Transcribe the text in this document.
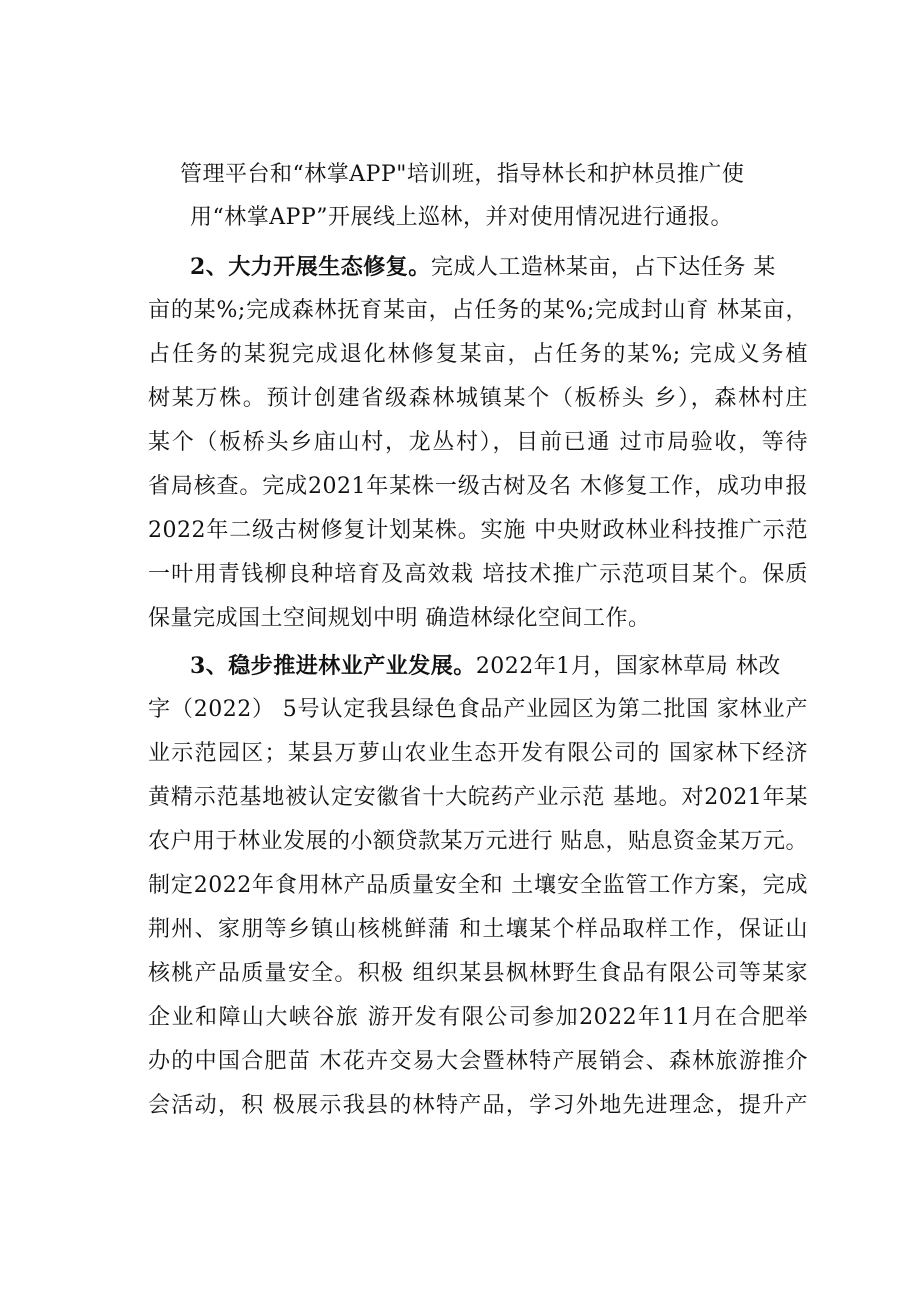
管理平台和“林掌APP"培训班，指导林长和护林员推广使
用“林掌APP”开展线上巡林，并对使用情况进行通报。
2、大力开展生态修复。完成人工造林某亩，占下达任务 某
亩的某%;完成森林抚育某亩，占任务的某%;完成封山育 林某亩，
占任务的某猊完成退化林修复某亩，占任务的某%; 完成义务植
树某万株。预计创建省级森林城镇某个（板桥头 乡），森林村庄
某个（板桥头乡庙山村，龙丛村），目前已通 过市局验收，等待
省局核查。完成2021年某株一级古树及名 木修复工作，成功申报
2022年二级古树修复计划某株。实施 中央财政林业科技推广示范
一叶用青钱柳良种培育及高效栽 培技术推广示范项目某个。保质
保量完成国土空间规划中明 确造林绿化空间工作。
3、稳步推进林业产业发展。2022年1月，国家林草局 林改
字（2022） 5号认定我县绿色食品产业园区为第二批国 家林业产
业示范园区；某县万萝山农业生态开发有限公司的 国家林下经济
黄精示范基地被认定安徽省十大皖药产业示范 基地。对2021年某
农户用于林业发展的小额贷款某万元进行 贴息，贴息资金某万元。
制定2022年食用林产品质量安全和 土壤安全监管工作方案，完成
荆州、家朋等乡镇山核桃鲜蒲 和土壤某个样品取样工作，保证山
核桃产品质量安全。积极 组织某县枫林野生食品有限公司等某家
企业和障山大峡谷旅 游开发有限公司参加2022年11月在合肥举
办的中国合肥苗 木花卉交易大会暨林特产展销会、森林旅游推介
会活动，积 极展示我县的林特产品，学习外地先进理念，提升产
